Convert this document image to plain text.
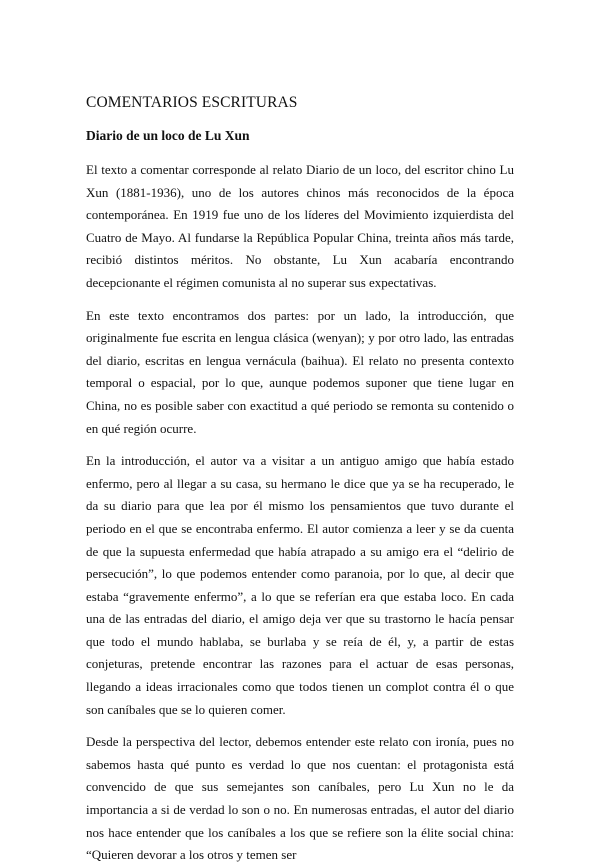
COMENTARIOS ESCRITURAS
Diario de un loco de Lu Xun

El texto a comentar corresponde al relato Diario de un loco, del escritor chino Lu Xun (1881-1936), uno de los autores chinos más reconocidos de la época contemporánea. En 1919 fue uno de los líderes del Movimiento izquierdista del Cuatro de Mayo. Al fundarse la República Popular China, treinta años más tarde, recibió distintos méritos. No obstante, Lu Xun acabaría encontrando decepcionante el régimen comunista al no superar sus expectativas.

En este texto encontramos dos partes: por un lado, la introducción, que originalmente fue escrita en lengua clásica (wenyan); y por otro lado, las entradas del diario, escritas en lengua vernácula (baihua). El relato no presenta contexto temporal o espacial, por lo que, aunque podemos suponer que tiene lugar en China, no es posible saber con exactitud a qué periodo se remonta su contenido o en qué región ocurre.

En la introducción, el autor va a visitar a un antiguo amigo que había estado enfermo, pero al llegar a su casa, su hermano le dice que ya se ha recuperado, le da su diario para que lea por él mismo los pensamientos que tuvo durante el periodo en el que se encontraba enfermo. El autor comienza a leer y se da cuenta de que la supuesta enfermedad que había atrapado a su amigo era el “delirio de persecución”, lo que podemos entender como paranoia, por lo que, al decir que estaba “gravemente enfermo”, a lo que se referían era que estaba loco. En cada una de las entradas del diario, el amigo deja ver que su trastorno le hacía pensar que todo el mundo hablaba, se burlaba y se reía de él, y, a partir de estas conjeturas, pretende encontrar las razones para el actuar de esas personas, llegando a ideas irracionales como que todos tienen un complot contra él o que son caníbales que se lo quieren comer.

Desde la perspectiva del lector, debemos entender este relato con ironía, pues no sabemos hasta qué punto es verdad lo que nos cuentan: el protagonista está convencido de que sus semejantes son caníbales, pero Lu Xun no le da importancia a si de verdad lo son o no. En numerosas entradas, el autor del diario nos hace entender que los caníbales a los que se refiere son la élite social china: “Quieren devorar a los otros y temen ser
